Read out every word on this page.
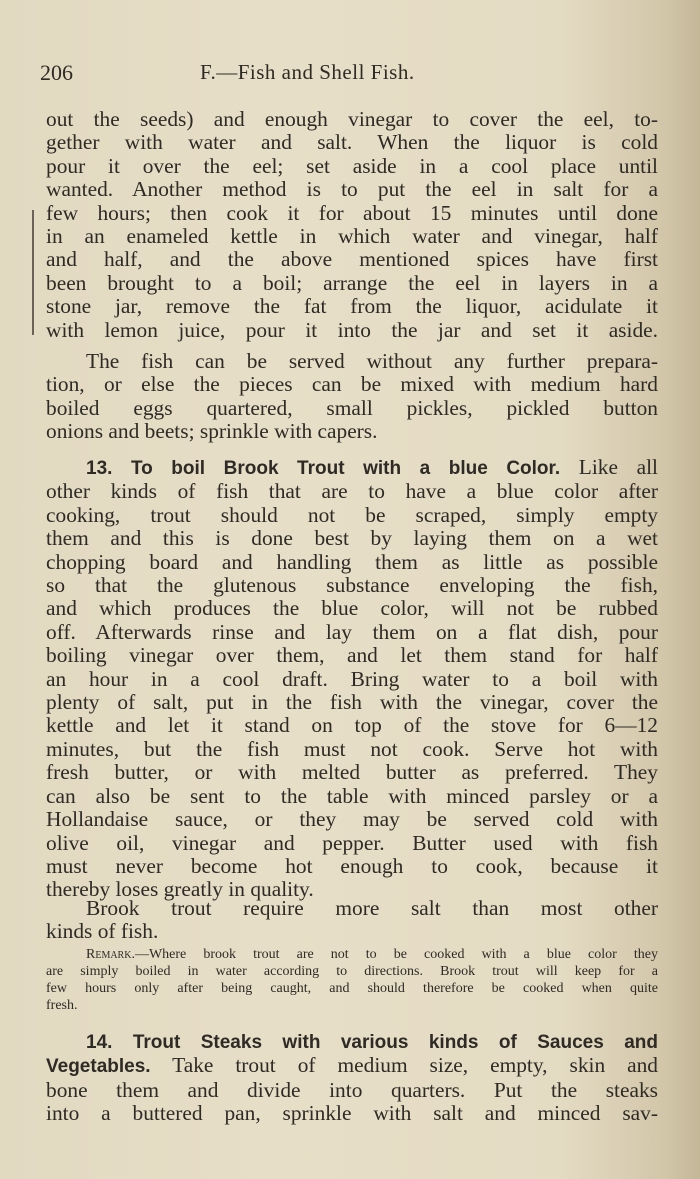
206	F.—Fish and Shell Fish.
out the seeds) and enough vinegar to cover the eel, to-
gether with water and salt. When the liquor is cold
pour it over the eel; set aside in a cool place until
wanted. Another method is to put the eel in salt for a
few hours; then cook it for about 15 minutes until done
in an enameled kettle in which water and vinegar, half
and half, and the above mentioned spices have first
been brought to a boil; arrange the eel in layers in a
stone jar, remove the fat from the liquor, acidulate it
with lemon juice, pour it into the jar and set it aside.
The fish can be served without any further prepara-
tion, or else the pieces can be mixed with medium hard
boiled eggs quartered, small pickles, pickled button
onions and beets; sprinkle with capers.
13. To boil Brook Trout with a blue Color. Like all
other kinds of fish that are to have a blue color after
cooking, trout should not be scraped, simply empty
them and this is done best by laying them on a wet
chopping board and handling them as little as possible
so that the glutenous substance enveloping the fish,
and which produces the blue color, will not be rubbed
off. Afterwards rinse and lay them on a flat dish, pour
boiling vinegar over them, and let them stand for half
an hour in a cool draft. Bring water to a boil with
plenty of salt, put in the fish with the vinegar, cover the
kettle and let it stand on top of the stove for 6—12
minutes, but the fish must not cook. Serve hot with
fresh butter, or with melted butter as preferred. They
can also be sent to the table with minced parsley or a
Hollandaise sauce, or they may be served cold with
olive oil, vinegar and pepper. Butter used with fish
must never become hot enough to cook, because it
thereby loses greatly in quality.
Brook trout require more salt than most other
kinds of fish.
Remark.—Where brook trout are not to be cooked with a blue color they
are simply boiled in water according to directions. Brook trout will keep for a
few hours only after being caught, and should therefore be cooked when quite
fresh.
14. Trout Steaks with various kinds of Sauces and
Vegetables. Take trout of medium size, empty, skin and
bone them and divide into quarters. Put the steaks
into a buttered pan, sprinkle with salt and minced sav-
